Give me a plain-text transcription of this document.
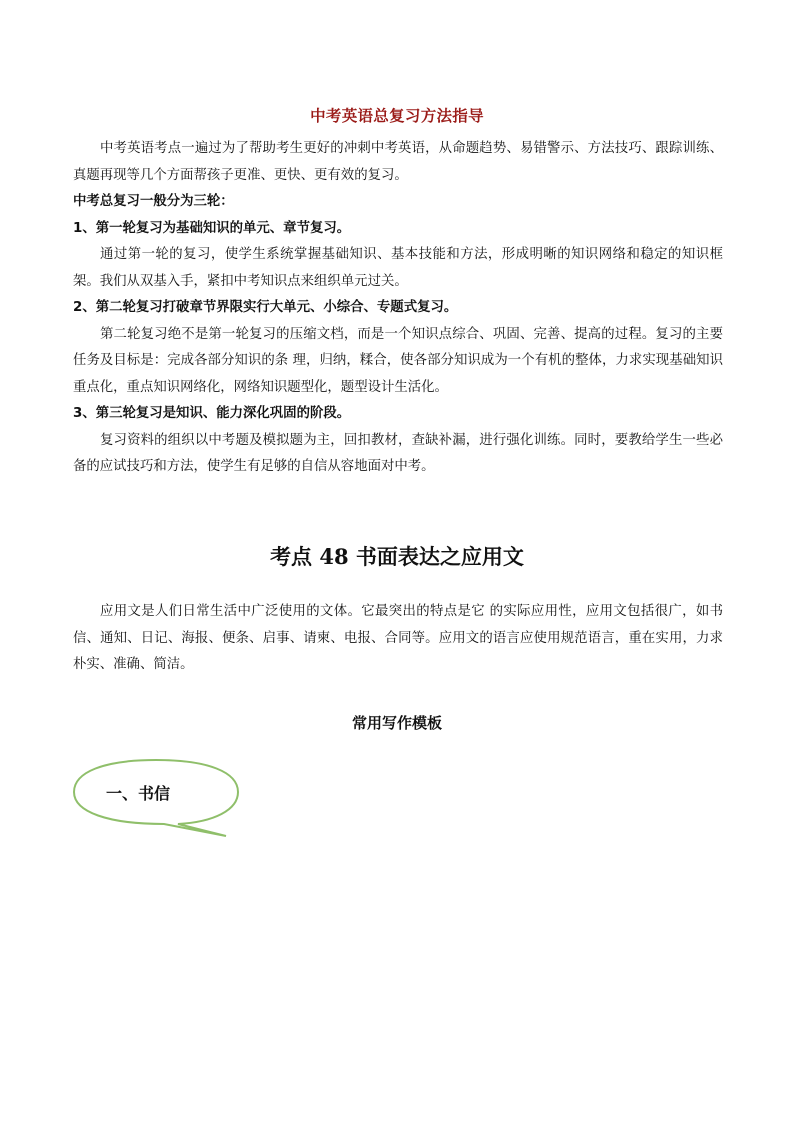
中考英语总复习方法指导

中考英语考点一遍过为了帮助考生更好的冲刺中考英语，从命题趋势、易错警示、方法技巧、跟踪训练、真题再现等几个方面帮孩子更准、更快、更有效的复习。

中考总复习一般分为三轮：

1、第一轮复习为基础知识的单元、章节复习。

通过第一轮的复习，使学生系统掌握基础知识、基本技能和方法，形成明晰的知识网络和稳定的知识框架。我们从双基入手，紧扣中考知识点来组织单元过关。

2、第二轮复习打破章节界限实行大单元、小综合、专题式复习。

第二轮复习绝不是第一轮复习的压缩文档，而是一个知识点综合、巩固、完善、提高的过程。复习的主要任务及目标是：完成各部分知识的条 理，归纳，糅合，使各部分知识成为一个有机的整体，力求实现基础知识重点化，重点知识网络化，网络知识题型化，题型设计生活化。

3、第三轮复习是知识、能力深化巩固的阶段。

复习资料的组织以中考题及模拟题为主，回扣教材，查缺补漏，进行强化训练。同时，要教给学生一些必备的应试技巧和方法，使学生有足够的自信从容地面对中考。

考点 48 书面表达之应用文

应用文是人们日常生活中广泛使用的文体。它最突出的特点是它 的实际应用性，应用文包括很广，如书信、通知、日记、海报、便条、启事、请柬、电报、合同等。应用文的语言应使用规范语言，重在实用，力求朴实、准确、简洁。

常用写作模板
一、书信
